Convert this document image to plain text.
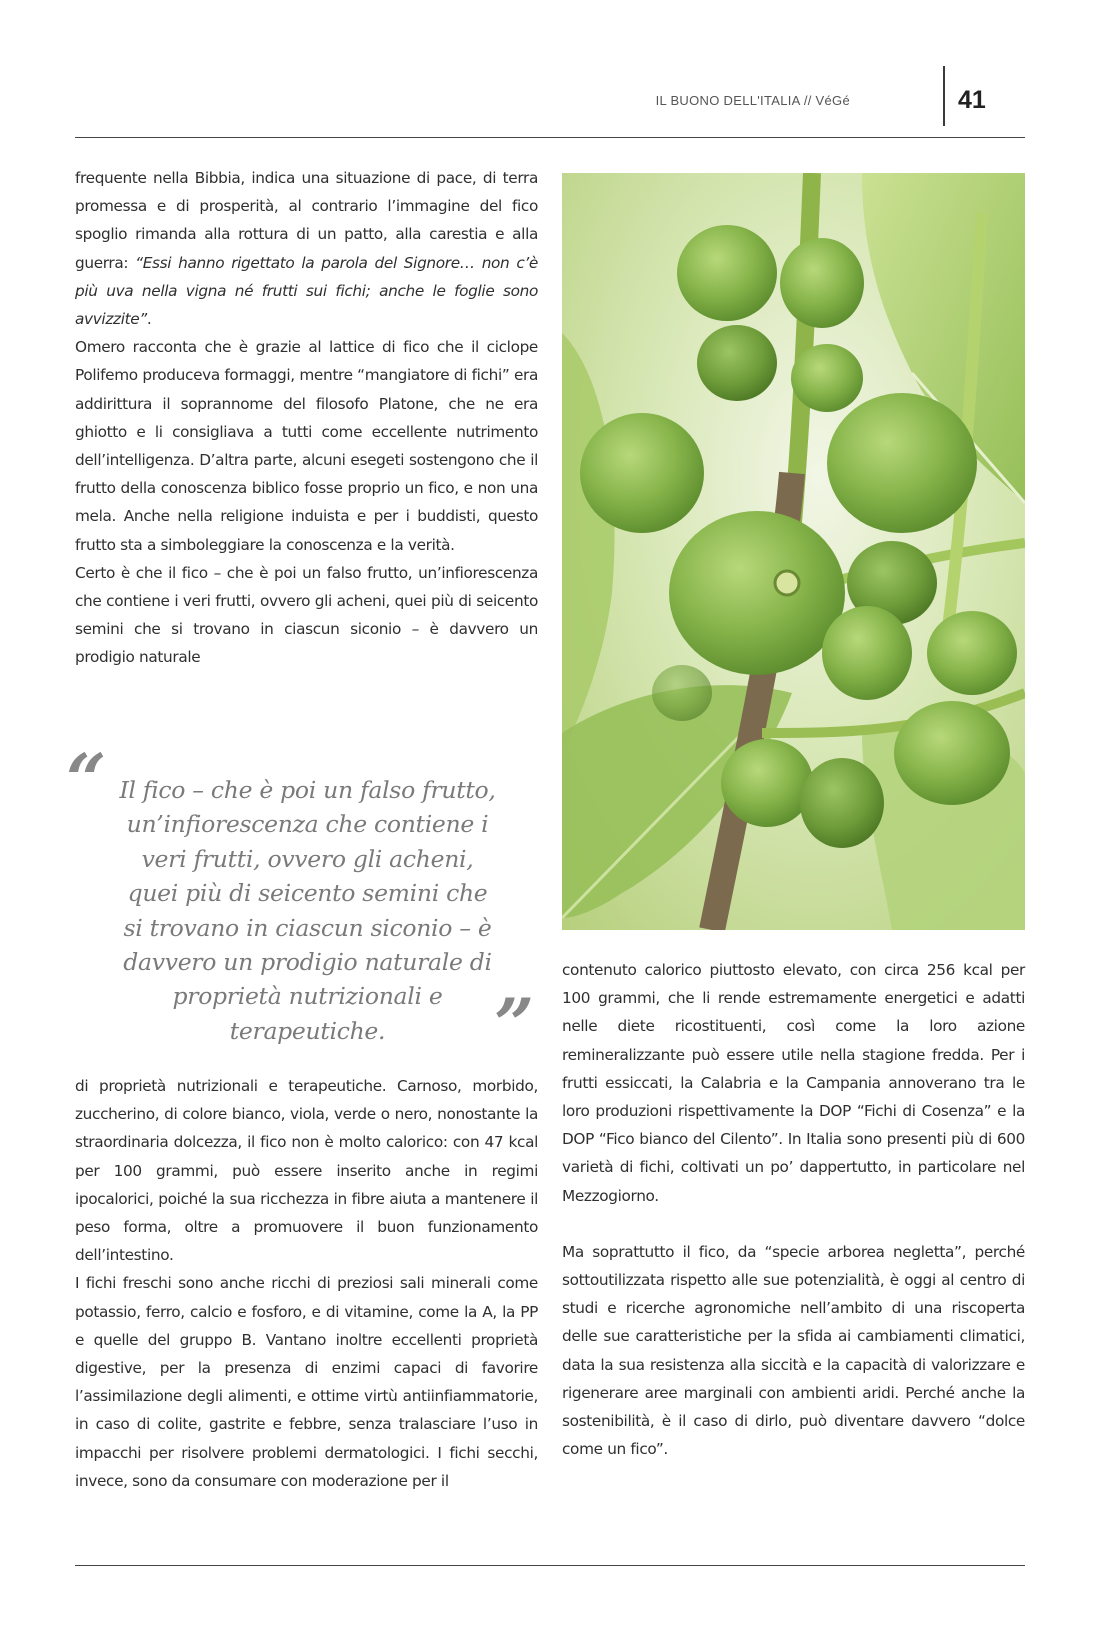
IL BUONO DELL'ITALIA // VéGé	41

frequente nella Bibbia, indica una situazione di pace, di terra promessa e di prosperità, al contrario l’immagine del fico spoglio rimanda alla rottura di un patto, alla carestia e alla guerra: “Essi hanno rigettato la parola del Signore… non c’è più uva nella vigna né frutti sui fichi; anche le foglie sono avvizzite”.

Omero racconta che è grazie al lattice di fico che il ciclope Polifemo produceva formaggi, mentre “mangiatore di fichi” era addirittura il soprannome del filosofo Platone, che ne era ghiotto e li consigliava a tutti come eccellente nutrimento dell’intelligenza. D’altra parte, alcuni esegeti sostengono che il frutto della conoscenza biblico fosse proprio un fico, e non una mela. Anche nella religione induista e per i buddisti, questo frutto sta a simboleggiare la conoscenza e la verità.

Certo è che il fico – che è poi un falso frutto, un’infiorescenza che contiene i veri frutti, ovvero gli acheni, quei più di seicento semini che si trovano in ciascun siconio – è davvero un prodigio naturale

“ Il fico – che è poi un falso frutto, un’infiorescenza che contiene i veri frutti, ovvero gli acheni, quei più di seicento semini che si trovano in ciascun siconio – è davvero un prodigio naturale di proprietà nutrizionali e terapeutiche.	”

di proprietà nutrizionali e terapeutiche. Carnoso, morbido, zuccherino, di colore bianco, viola, verde o nero, nonostante la straordinaria dolcezza, il fico non è molto calorico: con 47 kcal per 100 grammi, può essere inserito anche in regimi ipocalorici, poiché la sua ricchezza in fibre aiuta a mantenere il peso forma, oltre a promuovere il buon funzionamento dell’intestino.

I fichi freschi sono anche ricchi di preziosi sali minerali come potassio, ferro, calcio e fosforo, e di vitamine, come la A, la PP e quelle del gruppo B. Vantano inoltre eccellenti proprietà digestive, per la presenza di enzimi capaci di favorire l’assimilazione degli alimenti, e ottime virtù antiinfiammatorie, in caso di colite, gastrite e febbre, senza tralasciare l’uso in impacchi per risolvere problemi dermatologici. I fichi secchi, invece, sono da consumare con moderazione per il

contenuto calorico piuttosto elevato, con circa 256 kcal per 100 grammi, che li rende estremamente energetici e adatti nelle diete ricostituenti, così come la loro azione remineralizzante può essere utile nella stagione fredda. Per i frutti essiccati, la Calabria e la Campania annoverano tra le loro produzioni rispettivamente la DOP “Fichi di Cosenza” e la DOP “Fico bianco del Cilento”. In Italia sono presenti più di 600 varietà di fichi, coltivati un po’ dappertutto, in particolare nel Mezzogiorno.

Ma soprattutto il fico, da “specie arborea negletta”, perché sottoutilizzata rispetto alle sue potenzialità, è oggi al centro di studi e ricerche agronomiche nell’ambito di una riscoperta delle sue caratteristiche per la sfida ai cambiamenti climatici, data la sua resistenza alla siccità e la capacità di valorizzare e rigenerare aree marginali con ambienti aridi. Perché anche la sostenibilità, è il caso di dirlo, può diventare davvero “dolce come un fico”.
